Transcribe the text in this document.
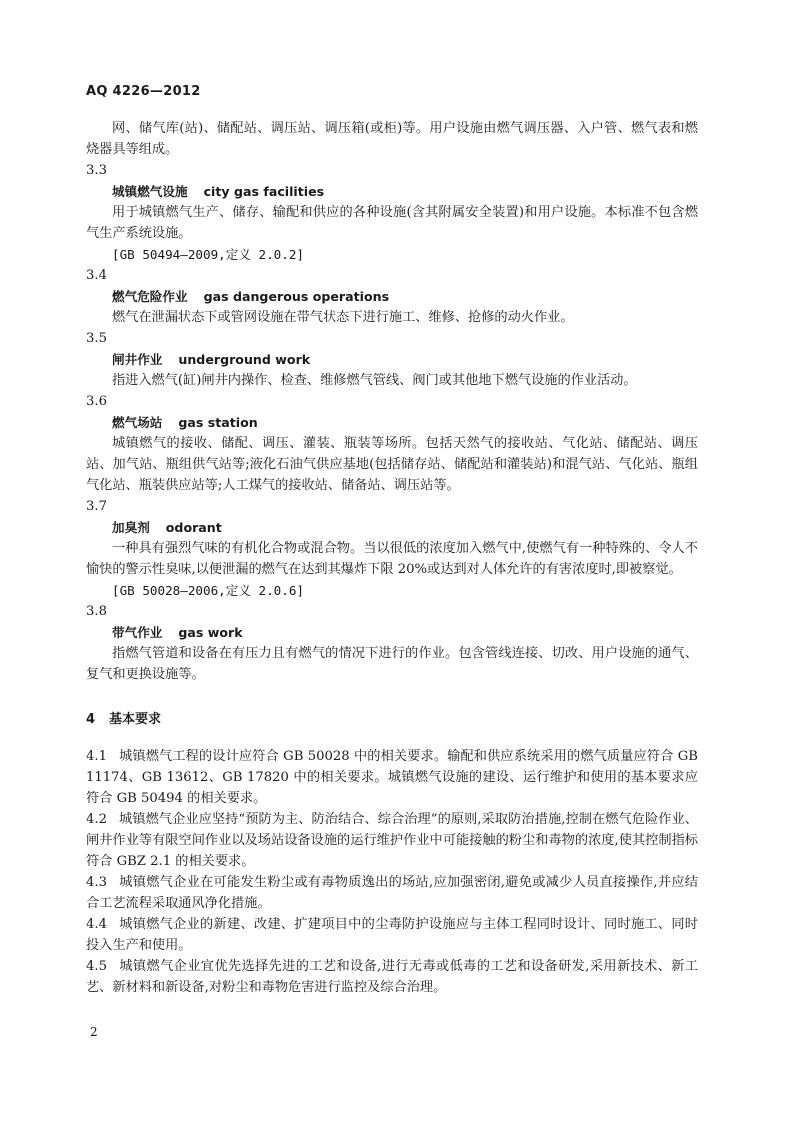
AQ 4226—2012

网、储气库(站)、储配站、调压站、调压箱(或柜)等。用户设施由燃气调压器、入户管、燃气表和燃烧器具等组成。

3.3

城镇燃气设施 city gas facilities

用于城镇燃气生产、储存、输配和供应的各种设施(含其附属安全装置)和用户设施。本标准不包含燃气生产系统设施。

[GB 50494—2009,定义 2.0.2]

3.4

燃气危险作业 gas dangerous operations

燃气在泄漏状态下或管网设施在带气状态下进行施工、维修、抢修的动火作业。

3.5

闸井作业 underground work

指进入燃气(缸)闸井内操作、检查、维修燃气管线、阀门或其他地下燃气设施的作业活动。

3.6

燃气场站 gas station

城镇燃气的接收、储配、调压、灌装、瓶装等场所。包括天然气的接收站、气化站、储配站、调压站、加气站、瓶组供气站等;液化石油气供应基地(包括储存站、储配站和灌装站)和混气站、气化站、瓶组气化站、瓶装供应站等;人工煤气的接收站、储备站、调压站等。

3.7

加臭剂 odorant

一种具有强烈气味的有机化合物或混合物。当以很低的浓度加入燃气中,使燃气有一种特殊的、令人不愉快的警示性臭味,以便泄漏的燃气在达到其爆炸下限 20%或达到对人体允许的有害浓度时,即被察觉。

[GB 50028—2006,定义 2.0.6]

3.8

带气作业 gas work

指燃气管道和设备在有压力且有燃气的情况下进行的作业。包含管线连接、切改、用户设施的通气、复气和更换设施等。

4 基本要求

4.1 城镇燃气工程的设计应符合 GB 50028 中的相关要求。输配和供应系统采用的燃气质量应符合 GB 11174、GB 13612、GB 17820 中的相关要求。城镇燃气设施的建设、运行维护和使用的基本要求应符合 GB 50494 的相关要求。

4.2 城镇燃气企业应坚持“预防为主、防治结合、综合治理”的原则,采取防治措施,控制在燃气危险作业、闸井作业等有限空间作业以及场站设备设施的运行维护作业中可能接触的粉尘和毒物的浓度,使其控制指标符合 GBZ 2.1 的相关要求。

4.3 城镇燃气企业在可能发生粉尘或有毒物质逸出的场站,应加强密闭,避免或减少人员直接操作,并应结合工艺流程采取通风净化措施。

4.4 城镇燃气企业的新建、改建、扩建项目中的尘毒防护设施应与主体工程同时设计、同时施工、同时投入生产和使用。

4.5 城镇燃气企业宜优先选择先进的工艺和设备,进行无毒或低毒的工艺和设备研发,采用新技术、新工艺、新材料和新设备,对粉尘和毒物危害进行监控及综合治理。

2
